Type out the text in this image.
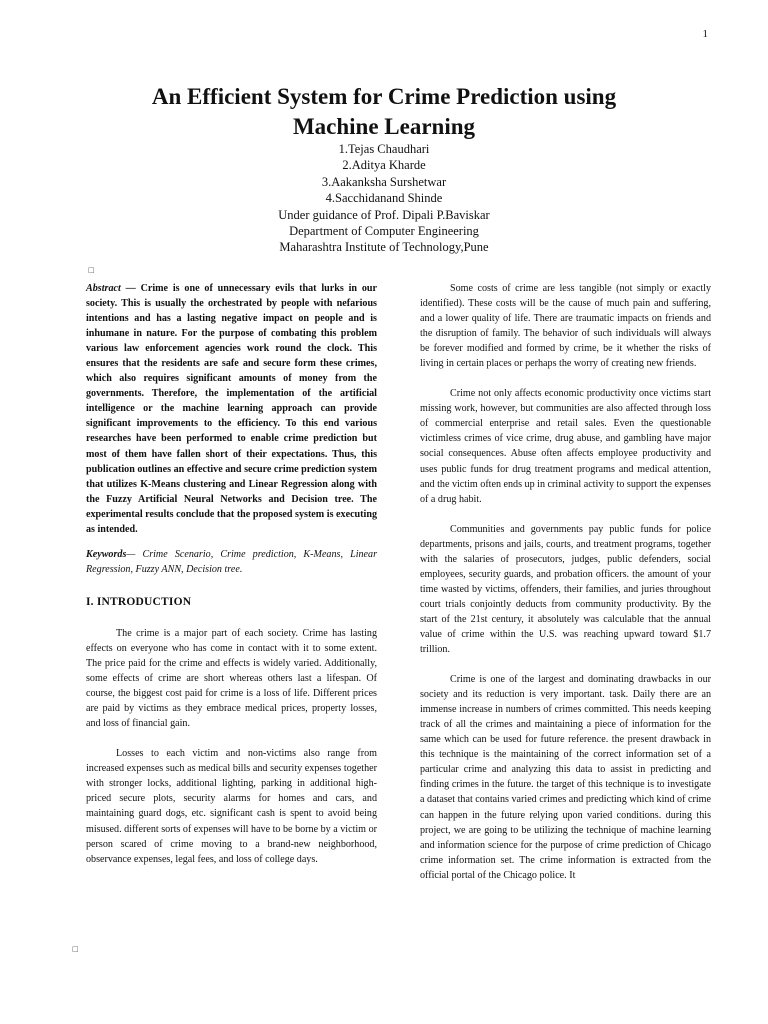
1
An Efficient System for Crime Prediction using
Machine Learning
1.Tejas Chaudhari
2.Aditya Kharde
3.Aakanksha Surshetwar
4.Sacchidanand Shinde
Under guidance of Prof. Dipali P.Baviskar
Department of Computer Engineering
Maharashtra Institute of Technology,Pune
□
□

Abstract — Crime is one of unnecessary evils that lurks in our society. This is usually the orchestrated by people with nefarious intentions and has a lasting negative impact on people and is inhumane in nature. For the purpose of combating this problem various law enforcement agencies work round the clock. This ensures that the residents are safe and secure form these crimes, which also requires significant amounts of money from the governments. Therefore, the implementation of the artificial intelligence or the machine learning approach can provide significant improvements to the efficiency. To this end various researches have been performed to enable crime prediction but most of them have fallen short of their expectations. Thus, this publication outlines an effective and secure crime prediction system that utilizes K-Means clustering and Linear Regression along with the Fuzzy Artificial Neural Networks and Decision tree. The experimental results conclude that the proposed system is executing as intended.

Keywords— Crime Scenario, Crime prediction, K-Means, Linear Regression, Fuzzy ANN, Decision tree.

I. INTRODUCTION

The crime is a major part of each society. Crime has lasting effects on everyone who has come in contact with it to some extent. The price paid for the crime and effects is widely varied. Additionally, some effects of crime are short whereas others last a lifespan. Of course, the biggest cost paid for crime is a loss of life. Different prices are paid by victims as they embrace medical prices, property losses, and loss of financial gain.

Losses to each victim and non-victims also range from increased expenses such as medical bills and security expenses together with stronger locks, additional lighting, parking in additional high-priced secure plots, security alarms for homes and cars, and maintaining guard dogs, etc. significant cash is spent to avoid being misused. different sorts of expenses will have to be borne by a victim or person scared of crime moving to a brand-new neighborhood, observance expenses, legal fees, and loss of college days.

Some costs of crime are less tangible (not simply or exactly identified). These costs will be the cause of much pain and suffering, and a lower quality of life. There are traumatic impacts on friends and the disruption of family. The behavior of such individuals will always be forever modified and formed by crime, be it whether the risks of living in certain places or perhaps the worry of creating new friends.

Crime not only affects economic productivity once victims start missing work, however, but communities are also affected through loss of commercial enterprise and retail sales. Even the questionable victimless crimes of vice crime, drug abuse, and gambling have major social consequences. Abuse often affects employee productivity and uses public funds for drug treatment programs and medical attention, and the victim often ends up in criminal activity to support the expenses of a drug habit.

Communities and governments pay public funds for police departments, prisons and jails, courts, and treatment programs, together with the salaries of prosecutors, judges, public defenders, social employees, security guards, and probation officers. the amount of your time wasted by victims, offenders, their families, and juries throughout court trials conjointly deducts from community productivity. By the start of the 21st century, it absolutely was calculable that the annual value of crime within the U.S. was reaching upward toward $1.7 trillion.

Crime is one of the largest and dominating drawbacks in our society and its reduction is very important. task. Daily there are an immense increase in numbers of crimes committed. This needs keeping track of all the crimes and maintaining a piece of information for the same which can be used for future reference. the present drawback in this technique is the maintaining of the correct information set of a particular crime and analyzing this data to assist in predicting and finding crimes in the future. the target of this technique is to investigate a dataset that contains varied crimes and predicting which kind of crime can happen in the future relying upon varied conditions. during this project, we are going to be utilizing the technique of machine learning and information science for the purpose of crime prediction of Chicago crime information set. The crime information is extracted from the official portal of the Chicago police. It
